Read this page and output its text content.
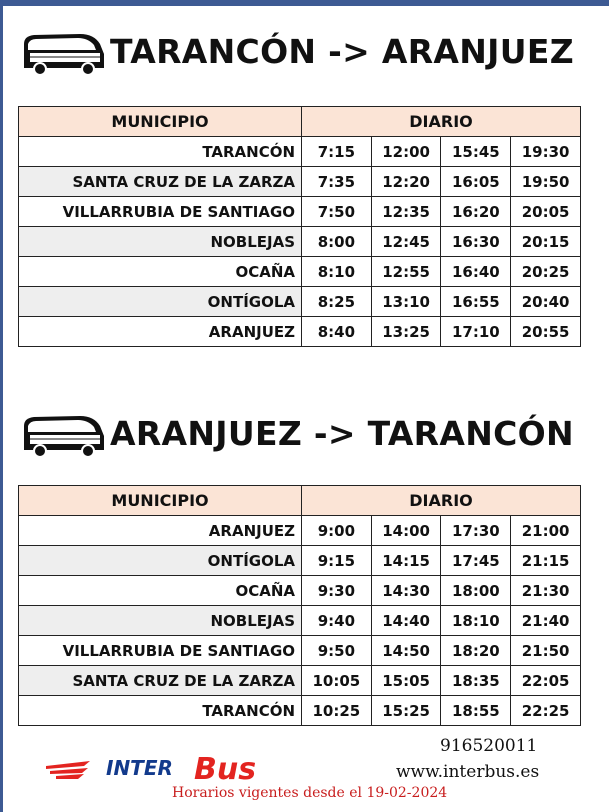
TARANCÓN -> ARANJUEZ
MUNICIPIO	DIARIO			
TARANCÓN	7:15	12:00	15:45	19:30
SANTA CRUZ DE LA ZARZA	7:35	12:20	16:05	19:50
VILLARRUBIA DE SANTIAGO	7:50	12:35	16:20	20:05
NOBLEJAS	8:00	12:45	16:30	20:15
OCAÑA	8:10	12:55	16:40	20:25
ONTÍGOLA	8:25	13:10	16:55	20:40
ARANJUEZ	8:40	13:25	17:10	20:55
ARANJUEZ -> TARANCÓN
MUNICIPIO	DIARIO			
ARANJUEZ	9:00	14:00	17:30	21:00
ONTÍGOLA	9:15	14:15	17:45	21:15
OCAÑA	9:30	14:30	18:00	21:30
NOBLEJAS	9:40	14:40	18:10	21:40
VILLARRUBIA DE SANTIAGO	9:50	14:50	18:20	21:50
SANTA CRUZ DE LA ZARZA	10:05	15:05	18:35	22:05
TARANCÓN	10:25	15:25	18:55	22:25
INTER Bus
916520011
www.interbus.es
Horarios vigentes desde el 19-02-2024
